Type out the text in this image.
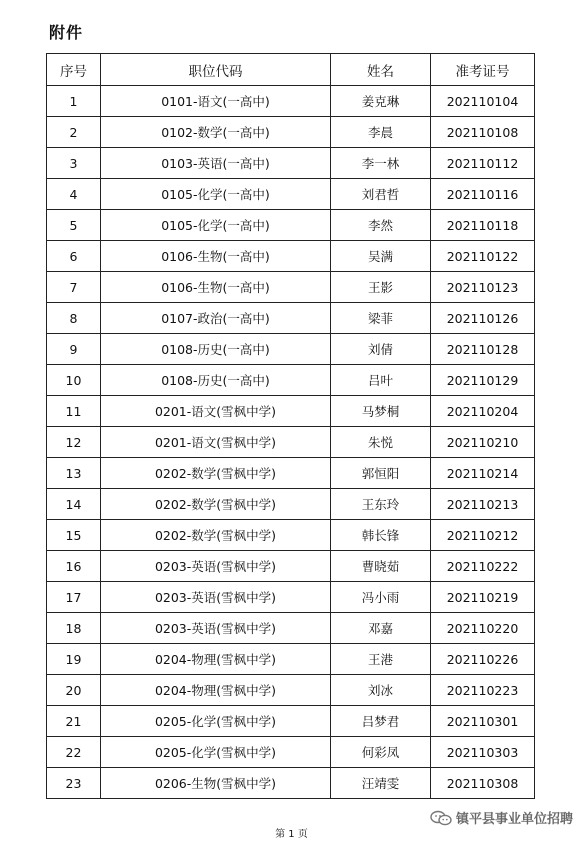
附件
序号	职位代码	姓名	准考证号
1	0101-语文(一高中)	姜克琳	202110104
2	0102-数学(一高中)	李晨	202110108
3	0103-英语(一高中)	李一林	202110112
4	0105-化学(一高中)	刘君哲	202110116
5	0105-化学(一高中)	李然	202110118
6	0106-生物(一高中)	吴满	202110122
7	0106-生物(一高中)	王影	202110123
8	0107-政治(一高中)	梁菲	202110126
9	0108-历史(一高中)	刘倩	202110128
10	0108-历史(一高中)	吕叶	202110129
11	0201-语文(雪枫中学)	马梦桐	202110204
12	0201-语文(雪枫中学)	朱悦	202110210
13	0202-数学(雪枫中学)	郭恒阳	202110214
14	0202-数学(雪枫中学)	王东玲	202110213
15	0202-数学(雪枫中学)	韩长锋	202110212
16	0203-英语(雪枫中学)	曹晓茹	202110222
17	0203-英语(雪枫中学)	冯小雨	202110219
18	0203-英语(雪枫中学)	邓嘉	202110220
19	0204-物理(雪枫中学)	王港	202110226
20	0204-物理(雪枫中学)	刘冰	202110223
21	0205-化学(雪枫中学)	吕梦君	202110301
22	0205-化学(雪枫中学)	何彩凤	202110303
23	0206-生物(雪枫中学)	汪靖雯	202110308
第 1 页
镇平县事业单位招聘
